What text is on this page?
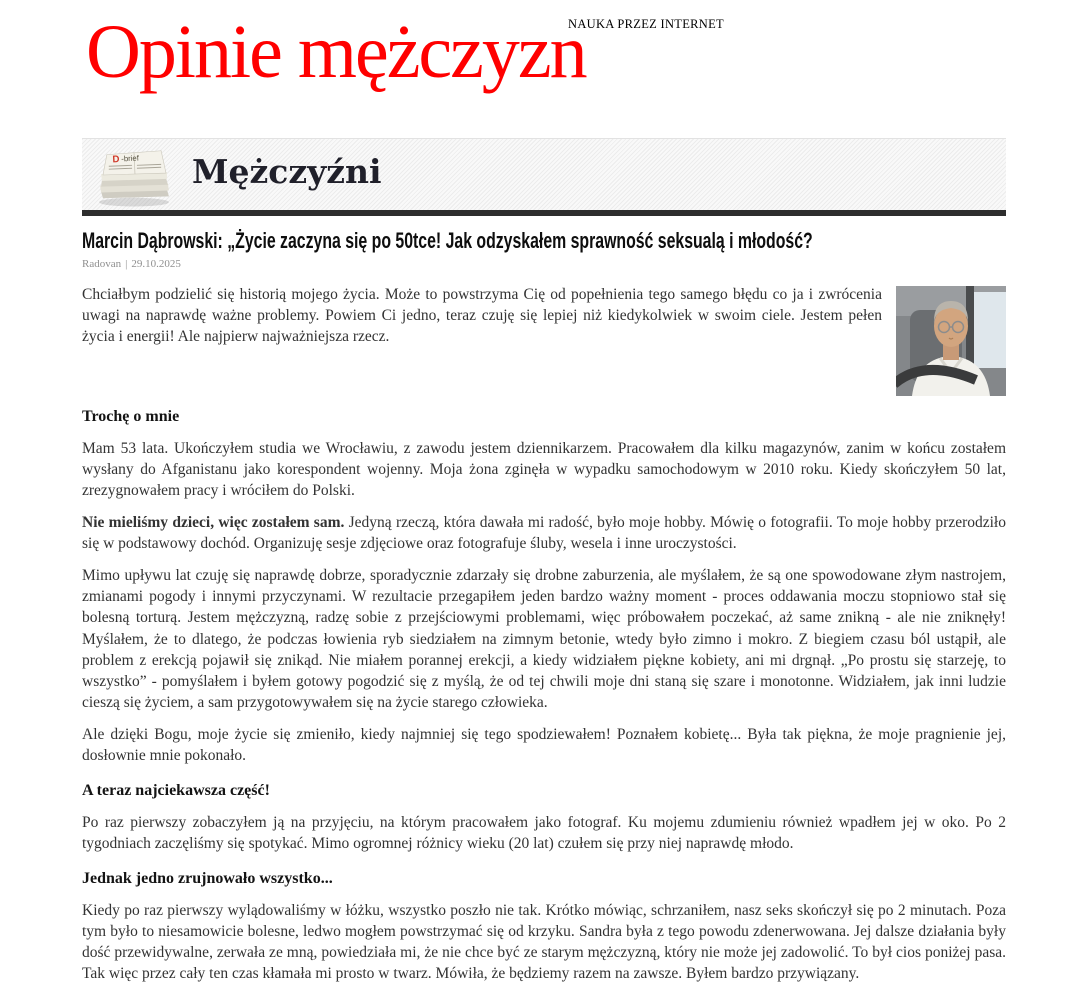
NAUKA PRZEZ INTERNET
Opinie mężczyzn
D -brief Mężczyźni
Marcin Dąbrowski: „Życie zaczyna się po 50tce! Jak odzyskałem sprawność seksualą i młodość?
Radovan | 29.10.2025

Chciałbym podzielić się historią mojego życia. Może to powstrzyma Cię od popełnienia tego samego błędu co ja i zwrócenia uwagi na naprawdę ważne problemy. Powiem Ci jedno, teraz czuję się lepiej niż kiedykolwiek w swoim ciele. Jestem pełen życia i energii! Ale najpierw najważniejsza rzecz.

Trochę o mnie

Mam 53 lata. Ukończyłem studia we Wrocławiu, z zawodu jestem dziennikarzem. Pracowałem dla kilku magazynów, zanim w końcu zostałem wysłany do Afganistanu jako korespondent wojenny. Moja żona zginęła w wypadku samochodowym w 2010 roku. Kiedy skończyłem 50 lat, zrezygnowałem pracy i wróciłem do Polski.

Nie mieliśmy dzieci, więc zostałem sam. Jedyną rzeczą, która dawała mi radość, było moje hobby. Mówię o fotografii. To moje hobby przerodziło się w podstawowy dochód. Organizuję sesje zdjęciowe oraz fotografuje śluby, wesela i inne uroczystości.

Mimo upływu lat czuję się naprawdę dobrze, sporadycznie zdarzały się drobne zaburzenia, ale myślałem, że są one spowodowane złym nastrojem, zmianami pogody i innymi przyczynami. W rezultacie przegapiłem jeden bardzo ważny moment - proces oddawania moczu stopniowo stał się bolesną torturą. Jestem mężczyzną, radzę sobie z przejściowymi problemami, więc próbowałem poczekać, aż same znikną - ale nie zniknęły! Myślałem, że to dlatego, że podczas łowienia ryb siedziałem na zimnym betonie, wtedy było zimno i mokro. Z biegiem czasu ból ustąpił, ale problem z erekcją pojawił się znikąd. Nie miałem porannej erekcji, a kiedy widziałem piękne kobiety, ani mi drgnął. „Po prostu się starzeję, to wszystko” - pomyślałem i byłem gotowy pogodzić się z myślą, że od tej chwili moje dni staną się szare i monotonne. Widziałem, jak inni ludzie cieszą się życiem, a sam przygotowywałem się na życie starego człowieka.

Ale dzięki Bogu, moje życie się zmieniło, kiedy najmniej się tego spodziewałem! Poznałem kobietę... Była tak piękna, że moje pragnienie jej, dosłownie mnie pokonało.

A teraz najciekawsza część!

Po raz pierwszy zobaczyłem ją na przyjęciu, na którym pracowałem jako fotograf. Ku mojemu zdumieniu również wpadłem jej w oko. Po 2 tygodniach zaczęliśmy się spotykać. Mimo ogromnej różnicy wieku (20 lat) czułem się przy niej naprawdę młodo.

Jednak jedno zrujnowało wszystko...

Kiedy po raz pierwszy wylądowaliśmy w łóżku, wszystko poszło nie tak. Krótko mówiąc, schrzaniłem, nasz seks skończył się po 2 minutach. Poza tym było to niesamowicie bolesne, ledwo mogłem powstrzymać się od krzyku. Sandra była z tego powodu zdenerwowana. Jej dalsze działania były dość przewidywalne, zerwała ze mną, powiedziała mi, że nie chce być ze starym mężczyzną, który nie może jej zadowolić. To był cios poniżej pasa. Tak więc przez cały ten czas kłamała mi prosto w twarz. Mówiła, że będziemy razem na zawsze. Byłem bardzo przywiązany.
